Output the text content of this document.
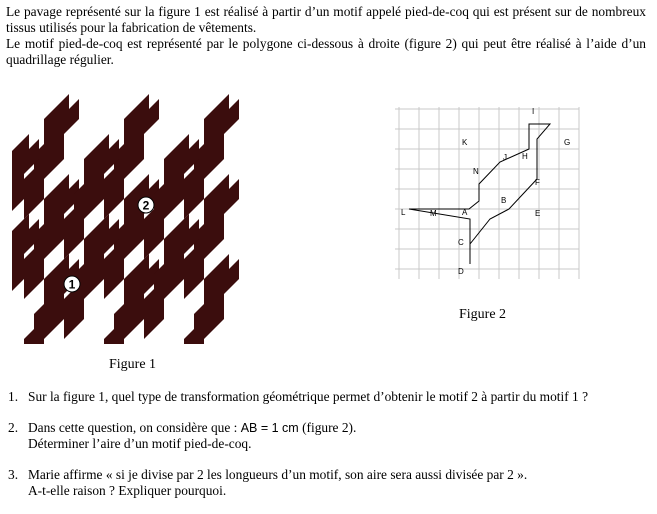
Le pavage représenté sur la figure 1 est réalisé à partir d’un motif appelé pied-de-coq qui est présent sur de nombreux tissus utilisés pour la fabrication de vêtements.

Le motif pied-de-coq est représenté par le polygone ci-dessous à droite (figure 2) qui peut être réalisé à l’aide d’un quadrillage régulier.

2
1
Figure 1
I
K	G
J H
N
F
L	M	A
B
E
C
D
Figure 2
1. Sur la figure 1, quel type de transformation géométrique permet d’obtenir le motif 2 à partir du motif 1 ?
2. Dans cette question, on considère que : AB = 1 cm (figure 2).
Déterminer l’aire d’un motif pied-de-coq.
3. Marie affirme « si je divise par 2 les longueurs d’un motif, son aire sera aussi divisée par 2 ».
A-t-elle raison ? Expliquer pourquoi.
